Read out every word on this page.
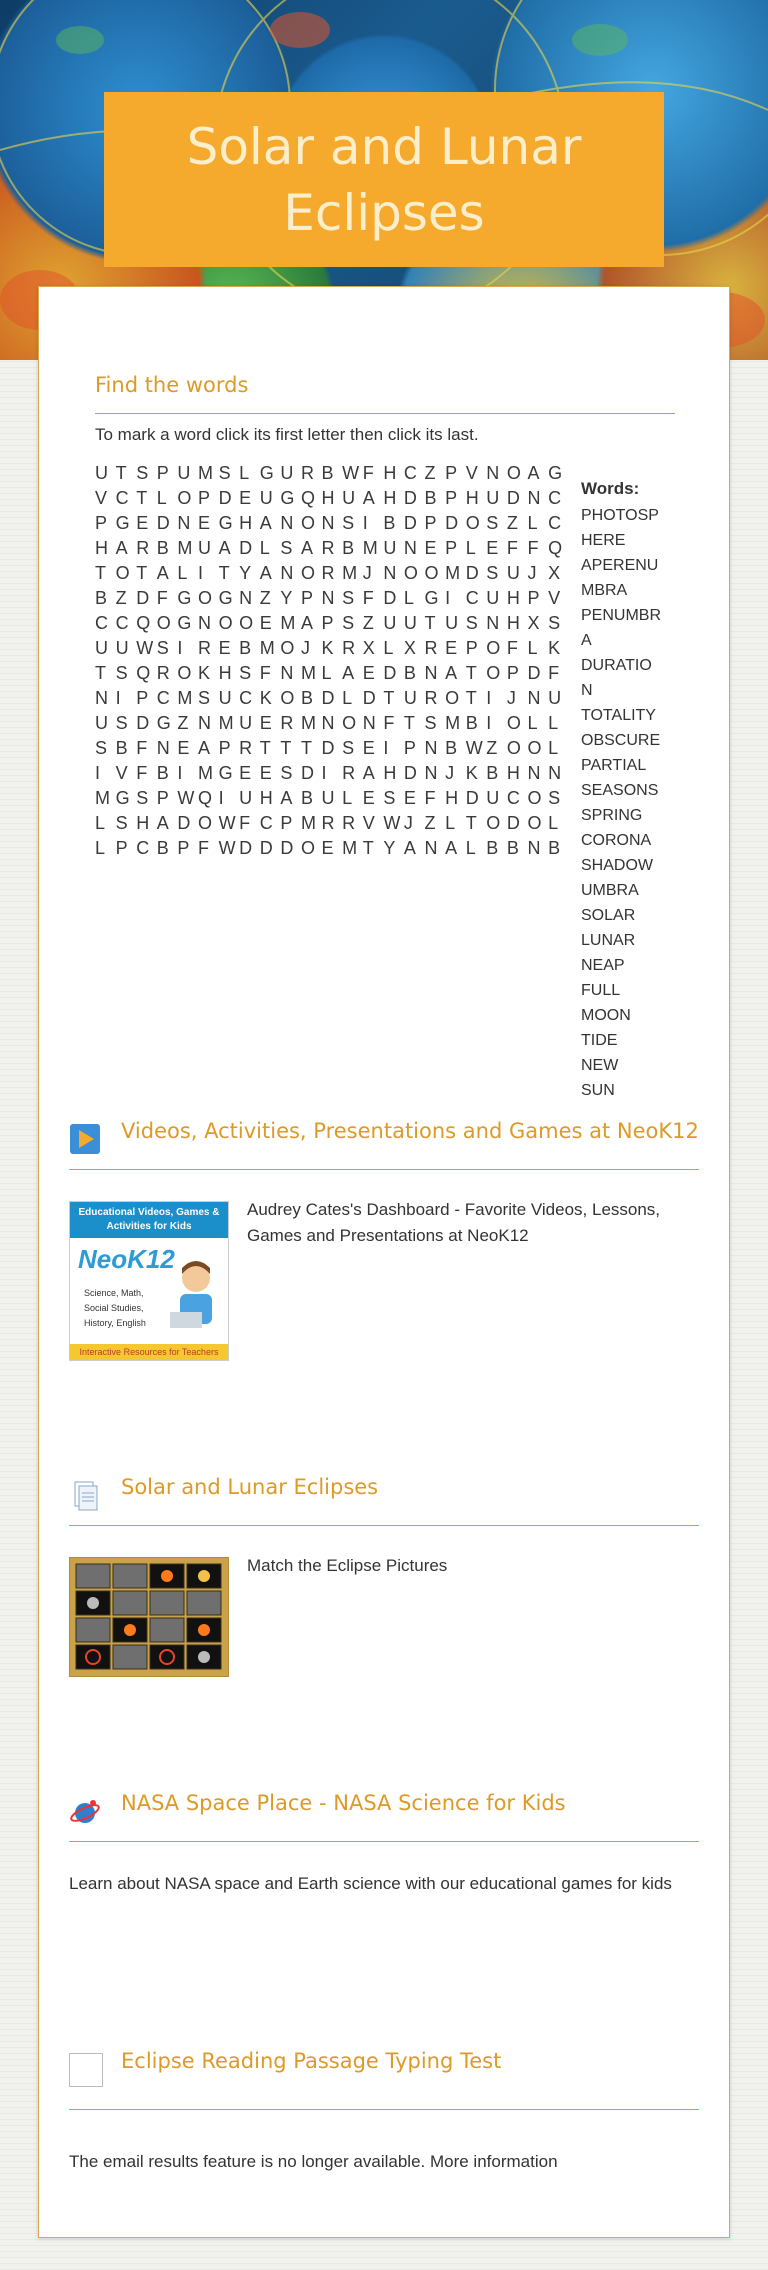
Solar and Lunar Eclipses
Find the words
To mark a word click its first letter then click its last.
U T S P U M S L G U R B W F H C Z P V N O A G
V C T L O P D E U G Q H U A H D B P H U D N C
P G E D N E G H A N O N S I B D P D O S Z L C
H A R B M U A D L S A R B M U N E P L E F F Q
T O T A L I T Y A N O R M J N O O M D S U J X
B Z D F G O G N Z Y P N S F D L G I C U H P V
C C Q O G N O O E M A P S Z U U T U S N H X S
U U W S I R E B M O J K R X L X R E P O F L K
T S Q R O K H S F N M L A E D B N A T O P D F
N I P C M S U C K O B D L D T U R O T I J N U
U S D G Z N M U E R M N O N F T S M B I O L L
S B F N E A P R T T T D S E I P N B W Z O O L
I V F B I M G E E S D I R A H D N J K B H N N
M G S P W Q I U H A B U L E S E F H D U C O S
L S H A D O W F C P M R R V W J Z L T O D O L
L P C B P F W D D D O E M T Y A N A L B B N B
Words:
PHOTOSPHERE
APERENUMBRA
PENUMBRA
DURATION
TOTALITY
OBSCURE
PARTIAL
SEASONS
SPRING
CORONA
SHADOW
UMBRA
SOLAR
LUNAR
NEAP
FULL
MOON
TIDE
NEW
SUN
Videos, Activities, Presentations and Games at NeoK12
Educational Videos, Games & Activities for Kids
NeoK12
Science, Math,
Social Studies,
History, English
Interactive Resources for Teachers
Audrey Cates's Dashboard - Favorite Videos, Lessons, Games and Presentations at NeoK12
Solar and Lunar Eclipses
Match the Eclipse Pictures
NASA Space Place - NASA Science for Kids
Learn about NASA space and Earth science with our educational games for kids
Eclipse Reading Passage Typing Test
The email results feature is no longer available. More information
